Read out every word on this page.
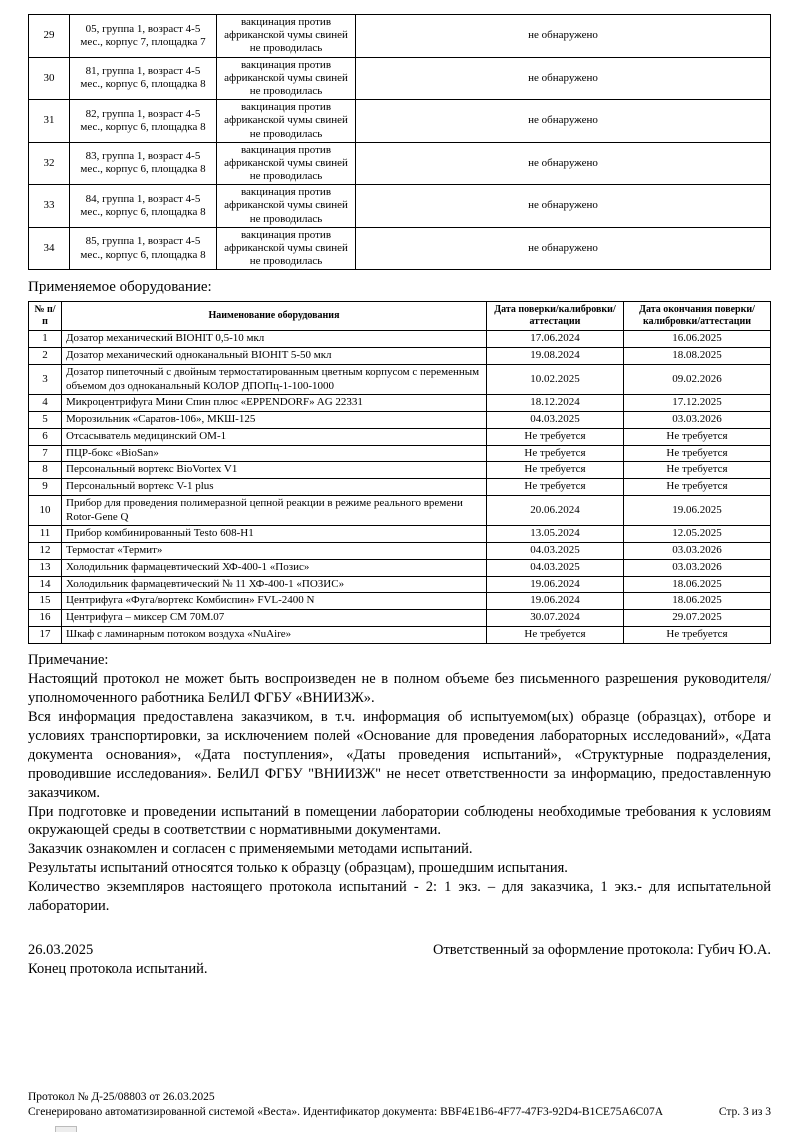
29	05, группа 1, возраст 4-5 мес., корпус 7, площадка 7	вакцинация против африканской чумы свиней не проводилась	не обнаружено
30	81, группа 1, возраст 4-5 мес., корпус 6, площадка 8	вакцинация против африканской чумы свиней не проводилась	не обнаружено
31	82, группа 1, возраст 4-5 мес., корпус 6, площадка 8	вакцинация против африканской чумы свиней не проводилась	не обнаружено
32	83, группа 1, возраст 4-5 мес., корпус 6, площадка 8	вакцинация против африканской чумы свиней не проводилась	не обнаружено
33	84, группа 1, возраст 4-5 мес., корпус 6, площадка 8	вакцинация против африканской чумы свиней не проводилась	не обнаружено
34	85, группа 1, возраст 4-5 мес., корпус 6, площадка 8	вакцинация против африканской чумы свиней не проводилась	не обнаружено
Применяемое оборудование:
№ п/п	Наименование оборудования	Дата поверки/калибровки/аттестации	Дата окончания поверки/калибровки/аттестации
1	Дозатор механический BIOHIT 0,5-10 мкл	17.06.2024	16.06.2025
2	Дозатор механический одноканальный BIOHIT 5-50 мкл	19.08.2024	18.08.2025
3	Дозатор пипеточный с двойным термостатированным цветным корпусом с переменным объемом доз одноканальный КОЛОР ДПОПц-1-100-1000	10.02.2025	09.02.2026
4	Микроцентрифуга Мини Спин плюс «EPPENDORF» AG 22331	18.12.2024	17.12.2025
5	Морозильник «Саратов-106», МКШ-125	04.03.2025	03.03.2026
6	Отсасыватель медицинский ОМ-1	Не требуется	Не требуется
7	ПЦР-бокс «BioSan»	Не требуется	Не требуется
8	Персональный вортекс BioVortex V1	Не требуется	Не требуется
9	Персональный вортекс V-1 plus	Не требуется	Не требуется
10	Прибор для проведения полимеразной цепной реакции в режиме реального времени Rotor-Gene Q	20.06.2024	19.06.2025
11	Прибор комбинированный Testo 608-H1	13.05.2024	12.05.2025
12	Термостат «Термит»	04.03.2025	03.03.2026
13	Холодильник фармацевтический ХФ-400-1 «Позис»	04.03.2025	03.03.2026
14	Холодильник фармацевтический № 11 ХФ-400-1 «ПОЗИС»	19.06.2024	18.06.2025
15	Центрифуга «Фуга/вортекс Комбиспин» FVL-2400 N	19.06.2024	18.06.2025
16	Центрифуга – миксер СМ 70М.07	30.07.2024	29.07.2025
17	Шкаф с ламинарным потоком воздуха «NuAire»	Не требуется	Не требуется
Примечание:
Настоящий протокол не может быть воспроизведен не в полном объеме без письменного разрешения руководителя/уполномоченного работника БелИЛ ФГБУ «ВНИИЗЖ».
Вся информация предоставлена заказчиком, в т.ч. информация об испытуемом(ых) образце (образцах), отборе и условиях транспортировки, за исключением полей «Основание для проведения лабораторных исследований», «Дата документа основания», «Дата поступления», «Даты проведения испытаний», «Структурные подразделения, проводившие исследования». БелИЛ ФГБУ "ВНИИЗЖ" не несет ответственности за информацию, предоставленную заказчиком.
При подготовке и проведении испытаний в помещении лаборатории соблюдены необходимые требования к условиям окружающей среды в соответствии с нормативными документами.
Заказчик ознакомлен и согласен с применяемыми методами испытаний.
Результаты испытаний относятся только к образцу (образцам), прошедшим испытания.
Количество экземпляров настоящего протокола испытаний - 2: 1 экз. – для заказчика, 1 экз.- для испытательной лаборатории.
26.03.2025	Ответственный за оформление протокола: Губич Ю.А.
Конец протокола испытаний.
Протокол № Д-25/08803 от 26.03.2025
Сгенерировано автоматизированной системой «Веста». Идентификатор документа: BBF4E1B6-4F77-47F3-92D4-B1CE75A6C07A	Стр. 3 из 3
